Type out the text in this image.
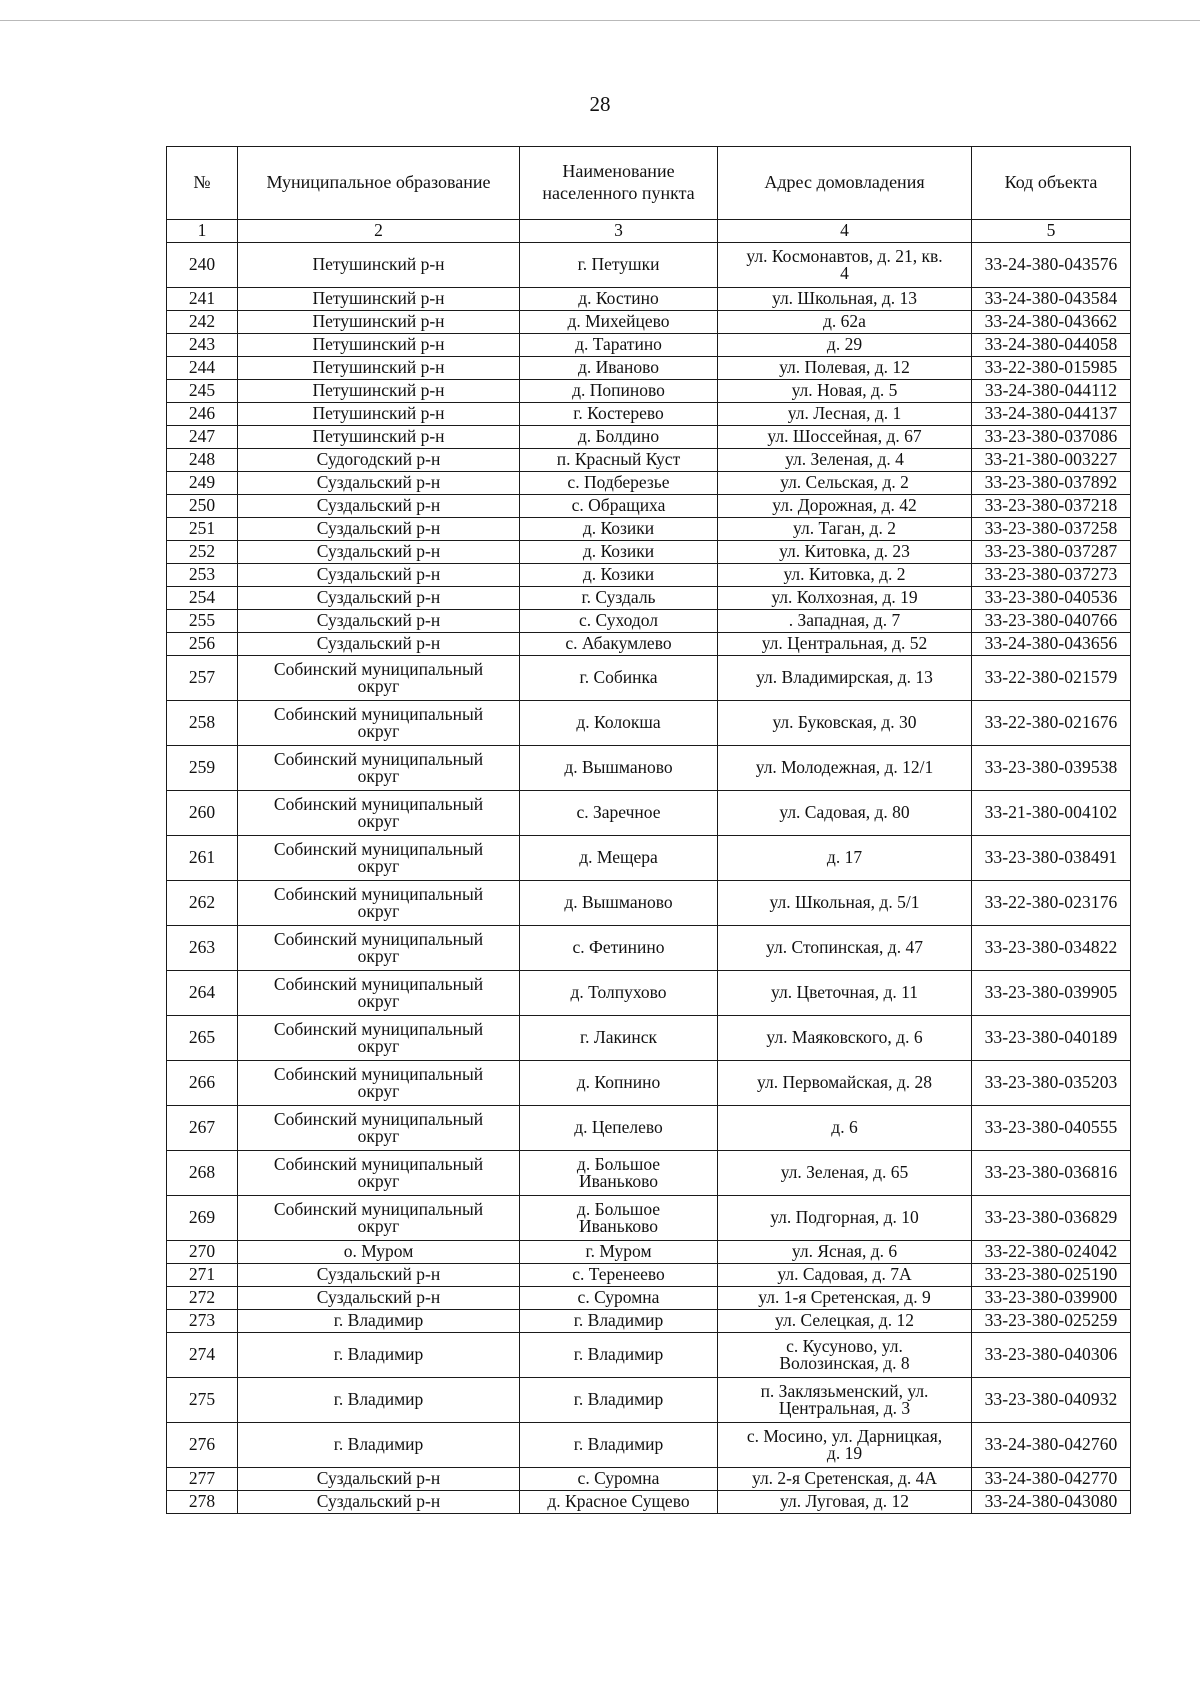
28
№	Муниципальное образование	Наименование
населенного пункта	Адрес домовладения	Код объекта
1	2	3	4	5
240	Петушинский р-н	г. Петушки	ул. Космонавтов, д. 21, кв.
4	33-24-380-043576
241	Петушинский р-н	д. Костино	ул. Школьная, д. 13	33-24-380-043584
242	Петушинский р-н	д. Михейцево	д. 62а	33-24-380-043662
243	Петушинский р-н	д. Таратино	д. 29	33-24-380-044058
244	Петушинский р-н	д. Иваново	ул. Полевая, д. 12	33-22-380-015985
245	Петушинский р-н	д. Попиново	ул. Новая, д. 5	33-24-380-044112
246	Петушинский р-н	г. Костерево	ул. Лесная, д. 1	33-24-380-044137
247	Петушинский р-н	д. Болдино	ул. Шоссейная, д. 67	33-23-380-037086
248	Судогодский р-н	п. Красный Куст	ул. Зеленая, д. 4	33-21-380-003227
249	Суздальский р-н	с. Подберезье	ул. Сельская, д. 2	33-23-380-037892
250	Суздальский р-н	с. Обращиха	ул. Дорожная, д. 42	33-23-380-037218
251	Суздальский р-н	д. Козики	ул. Таган, д. 2	33-23-380-037258
252	Суздальский р-н	д. Козики	ул. Китовка, д. 23	33-23-380-037287
253	Суздальский р-н	д. Козики	ул. Китовка, д. 2	33-23-380-037273
254	Суздальский р-н	г. Суздаль	ул. Колхозная, д. 19	33-23-380-040536
255	Суздальский р-н	с. Суходол	. Западная, д. 7	33-23-380-040766
256	Суздальский р-н	с. Абакумлево	ул. Центральная, д. 52	33-24-380-043656
257	Собинский муниципальный
округ	г. Собинка	ул. Владимирская, д. 13	33-22-380-021579
258	Собинский муниципальный
округ	д. Колокша	ул. Буковская, д. 30	33-22-380-021676
259	Собинский муниципальный
округ	д. Вышманово	ул. Молодежная, д. 12/1	33-23-380-039538
260	Собинский муниципальный
округ	с. Заречное	ул. Садовая, д. 80	33-21-380-004102
261	Собинский муниципальный
округ	д. Мещера	д. 17	33-23-380-038491
262	Собинский муниципальный
округ	д. Вышманово	ул. Школьная, д. 5/1	33-22-380-023176
263	Собинский муниципальный
округ	с. Фетинино	ул. Стопинская, д. 47	33-23-380-034822
264	Собинский муниципальный
округ	д. Толпухово	ул. Цветочная, д. 11	33-23-380-039905
265	Собинский муниципальный
округ	г. Лакинск	ул. Маяковского, д. 6	33-23-380-040189
266	Собинский муниципальный
округ	д. Копнино	ул. Первомайская, д. 28	33-23-380-035203
267	Собинский муниципальный
округ	д. Цепелево	д. 6	33-23-380-040555
268	Собинский муниципальный
округ	д. Большое
Иваньково	ул. Зеленая, д. 65	33-23-380-036816
269	Собинский муниципальный
округ	д. Большое
Иваньково	ул. Подгорная, д. 10	33-23-380-036829
270	о. Муром	г. Муром	ул. Ясная, д. 6	33-22-380-024042
271	Суздальский р-н	с. Теренеево	ул. Садовая, д. 7А	33-23-380-025190
272	Суздальский р-н	с. Суромна	ул. 1-я Сретенская, д. 9	33-23-380-039900
273	г. Владимир	г. Владимир	ул. Селецкая, д. 12	33-23-380-025259
274	г. Владимир	г. Владимир	с. Кусуново, ул.
Волозинская, д. 8	33-23-380-040306
275	г. Владимир	г. Владимир	п. Заклязьменский, ул.
Центральная, д. 3	33-23-380-040932
276	г. Владимир	г. Владимир	с. Мосино, ул. Дарницкая,
д. 19	33-24-380-042760
277	Суздальский р-н	с. Суромна	ул. 2-я Сретенская, д. 4А	33-24-380-042770
278	Суздальский р-н	д. Красное Сущево	ул. Луговая, д. 12	33-24-380-043080
